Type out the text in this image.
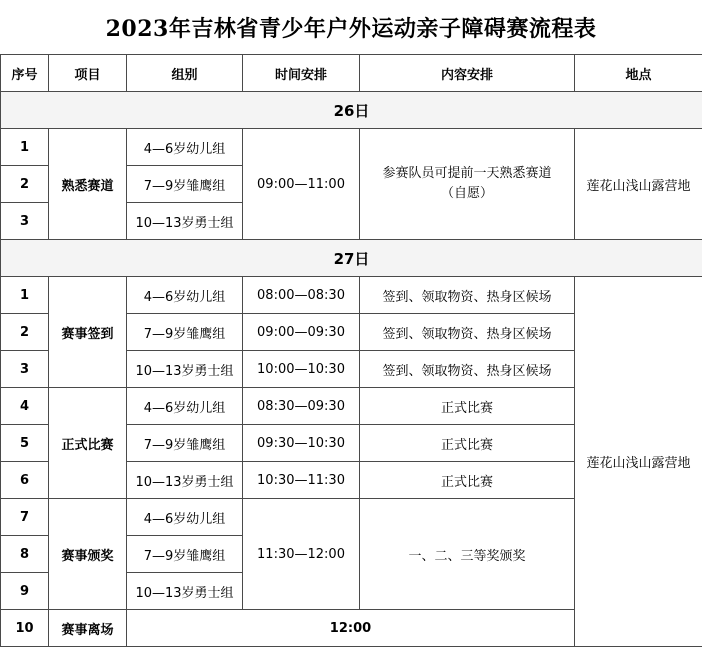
2023年吉林省青少年户外运动亲子障碍赛流程表
序号	项目	组别	时间安排	内容安排	地点
26日					
1	熟悉赛道	4—6岁幼儿组	09:00—11:00	参赛队员可提前一天熟悉赛道
（自愿）	莲花山浅山露营地
2		7—9岁雏鹰组			
3		10—13岁勇士组			
27日					
1	赛事签到	4—6岁幼儿组	08:00—08:30	签到、领取物资、热身区候场	莲花山浅山露营地
2		7—9岁雏鹰组	09:00—09:30	签到、领取物资、热身区候场	
3		10—13岁勇士组	10:00—10:30	签到、领取物资、热身区候场	
4	正式比赛	4—6岁幼儿组	08:30—09:30	正式比赛	
5		7—9岁雏鹰组	09:30—10:30	正式比赛	
6		10—13岁勇士组	10:30—11:30	正式比赛	
7	赛事颁奖	4—6岁幼儿组	11:30—12:00	一、二、三等奖颁奖	
8		7—9岁雏鹰组			
9		10—13岁勇士组			
10	赛事离场	12:00			
